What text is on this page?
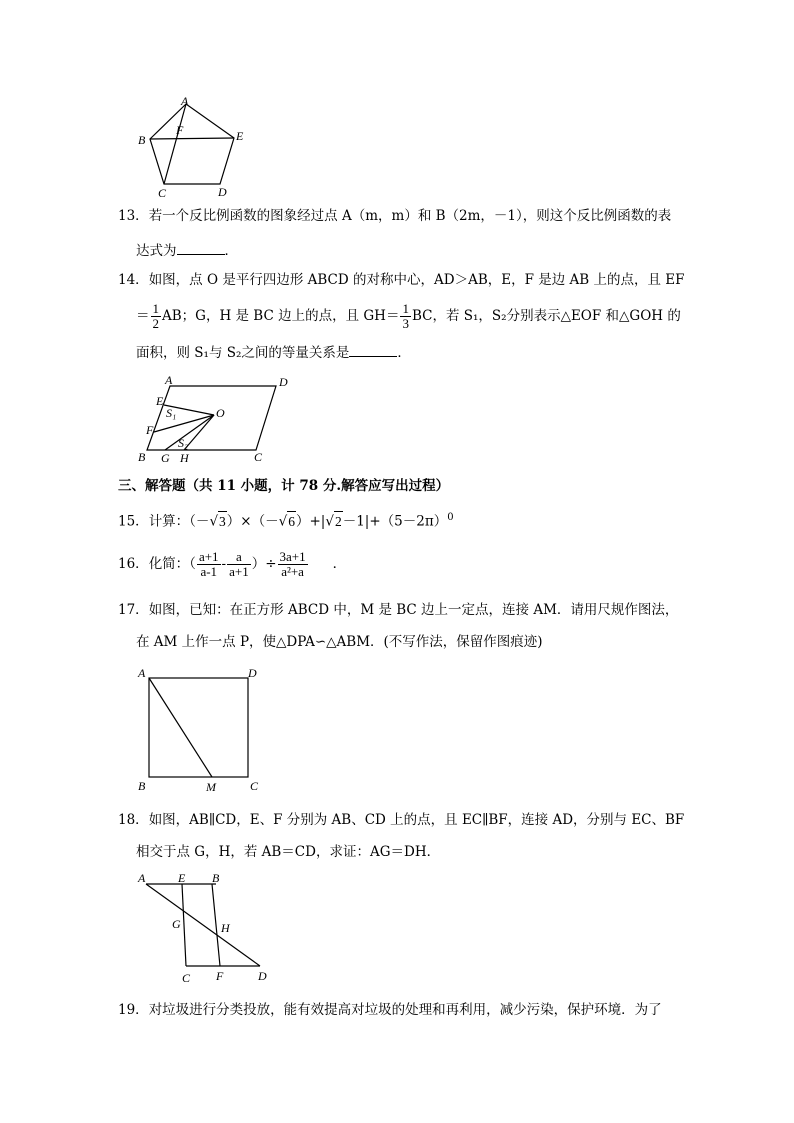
A
B
C	D
E
F
13．若一个反比例函数的图象经过点 A（m，m）和 B（2m，－1），则这个反比例函数的表
达式为	．
14．如图，点 O 是平行四边形 ABCD 的对称中心，AD＞AB，E，F 是边 AB 上的点，且 EF
＝ $\frac{1}{2}$ AB；G，H 是 BC 边上的点，且 $GH= \frac{1}{3}$ BC，若 S₁，S₂分别表示△EOF 和△GOH 的
面积，则 S₁与 S₂之间的等量关系是	．
A	D
E
F
O
S₁
S₂
B G H	C
三、解答题（共 11 小题，计 78 分.解答应写出过程）
15．计算：$(-√3)\times(-√6)+|√2-1|+(5-2\pi)^0$
16．化简：（ $\frac{a+1}{a-1} - \frac{a}{a+1}$ ）÷ $\frac{3a+1}{\text{a²+a}}$ ．
17．如图，已知：在正方形 ABCD 中，M 是 BC 边上一定点，连接 AM．请用尺规作图法，
在 AM 上作一点 P，使△DPA∽△ABM．(不写作法，保留作图痕迹)
A	D
B	M	C
18．如图，AB∥CD，E、F 分别为 AB、CD 上的点，且 EC∥BF，连接 AD，分别与 EC、BF
相交于点 G，H，若 AB＝CD，求证：AG＝DH．
A	E B
G	H
C F	D
19．对垃圾进行分类投放，能有效提高对垃圾的处理和再利用，减少污染，保护环境．为了
